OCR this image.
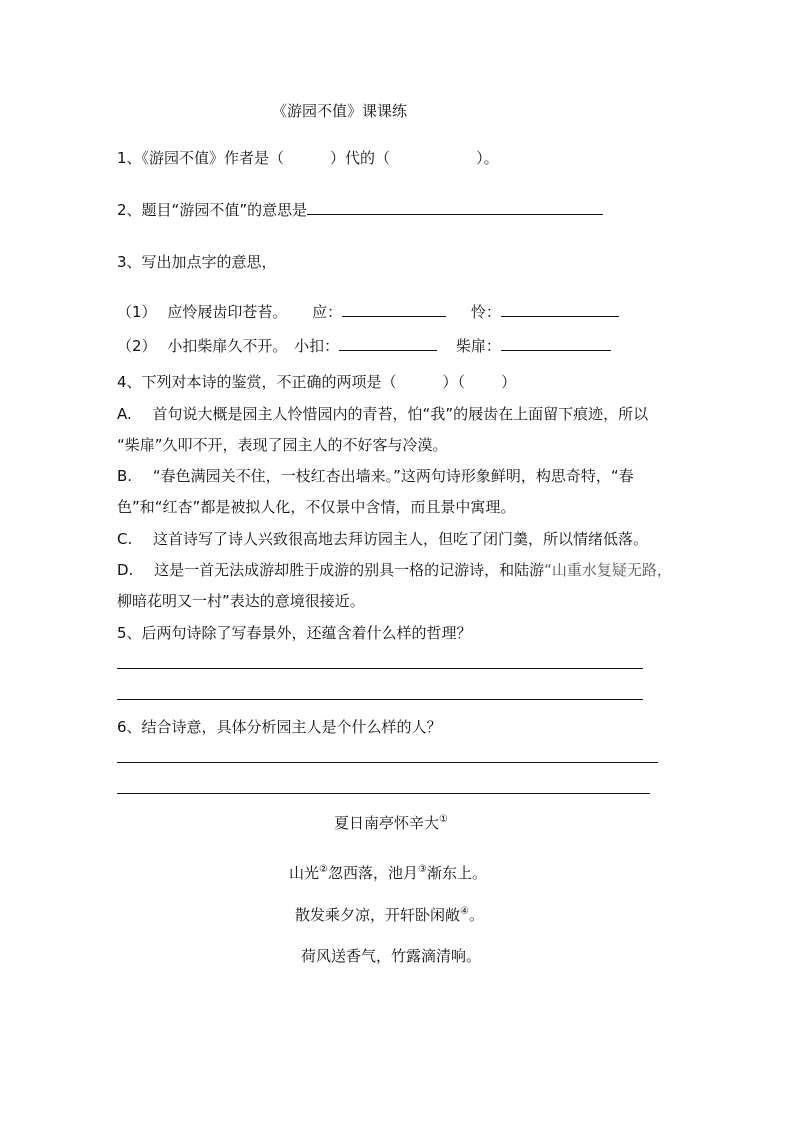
《游园不值》课课练
1、《游园不值》作者是（	）代的（	）。
2、题目“游园不值”的意思是
3、写出加点字的意思，
（1） 应怜屐齿印苍苔。 应：	怜：
（2） 小扣柴扉久不开。 小扣：	柴扉：
4、下列对本诗的鉴赏，不正确的两项是（	）（ ）
A. 首句说大概是园主人怜惜园内的青苔，怕“我”的屐齿在上面留下痕迹，所以
“柴扉”久叩不开，表现了园主人的不好客与冷漠。
B. “春色满园关不住，一枝红杏出墙来。”这两句诗形象鲜明，构思奇特，“春
色”和“红杏”都是被拟人化，不仅景中含情，而且景中寓理。
C. 这首诗写了诗人兴致很高地去拜访园主人，但吃了闭门羹，所以情绪低落。
D. 这是一首无法成游却胜于成游的别具一格的记游诗，和陆游“山重水复疑无路，
柳暗花明又一村”表达的意境很接近。
5、后两句诗除了写春景外，还蕴含着什么样的哲理？
6、结合诗意，具体分析园主人是个什么样的人？
夏日南亭怀辛大①
山光②忽西落，池月③渐东上。
散发乘夕凉，开轩卧闲敞④。
荷风送香气，竹露滴清响。
